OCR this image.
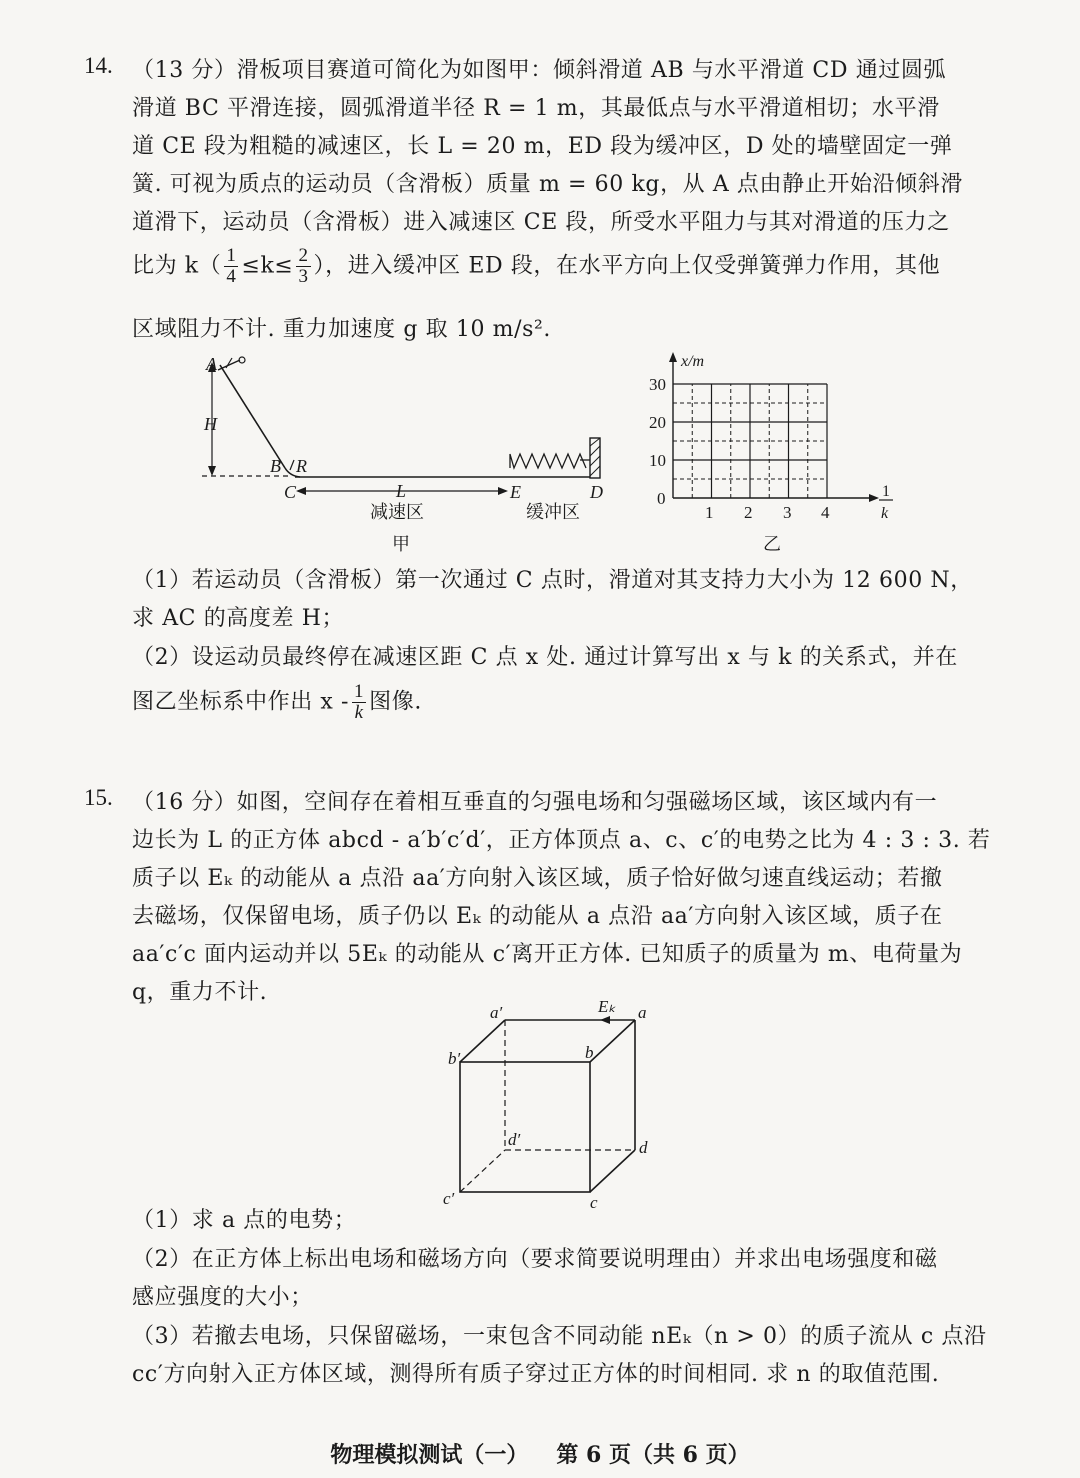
14. （13 分）滑板项目赛道可简化为如图甲：倾斜滑道 AB 与水平滑道 CD 通过圆弧
滑道 BC 平滑连接，圆弧滑道半径 R = 1 m，其最低点与水平滑道相切；水平滑
道 CE 段为粗糙的减速区，长 L = 20 m，ED 段为缓冲区，D 处的墙壁固定一弹
簧. 可视为质点的运动员（含滑板）质量 m = 60 kg，从 A 点由静止开始沿倾斜滑
道滑下，运动员（含滑板）进入减速区 CE 段，所受水平阻力与其对滑道的压力之
比为 $k( \frac{1}{4} \le k\le \frac{2}{3}$ ），进入缓冲区 ED 段，在水平方向上仅受弹簧弹力作用，其他
区域阻力不计. 重力加速度 g 取 10 m/s².
H
A
B R
C	L	E	D
减速区	缓冲区
甲
x/m
30
20
10
0
1 2 3 4
1
k
乙
（1）若运动员（含滑板）第一次通过 C 点时，滑道对其支持力大小为 12 600 N，
求 AC 的高度差 H；
（2）设运动员最终停在减速区距 C 点 x 处. 通过计算写出 x 与 k 的关系式，并在
图乙坐标系中作出 x - $\frac{1}{k}$ 图像.
15. （16 分）如图，空间存在着相互垂直的匀强电场和匀强磁场区域，该区域内有一
边长为 L 的正方体 abcd - a′b′c′d′，正方体顶点 a、c、c′的电势之比为 4 : 3 : 3. 若
质子以 Eₖ 的动能从 a 点沿 aa′方向射入该区域，质子恰好做匀速直线运动；若撤
去磁场，仅保留电场，质子仍以 Eₖ 的动能从 a 点沿 aa′方向射入该区域，质子在
aa′c′c 面内运动并以 5Eₖ 的动能从 c′离开正方体. 已知质子的质量为 m、电荷量为
q，重力不计.
a′	Eₖ a
b′	b
d′	d
c′	c
（1）求 a 点的电势；
（2）在正方体上标出电场和磁场方向（要求简要说明理由）并求出电场强度和磁
感应强度的大小；
（3）若撤去电场，只保留磁场，一束包含不同动能 nEₖ（n > 0）的质子流从 c 点沿
cc′方向射入正方体区域，测得所有质子穿过正方体的时间相同. 求 n 的取值范围.
物理模拟测试（一） 第 6 页（共 6 页）
